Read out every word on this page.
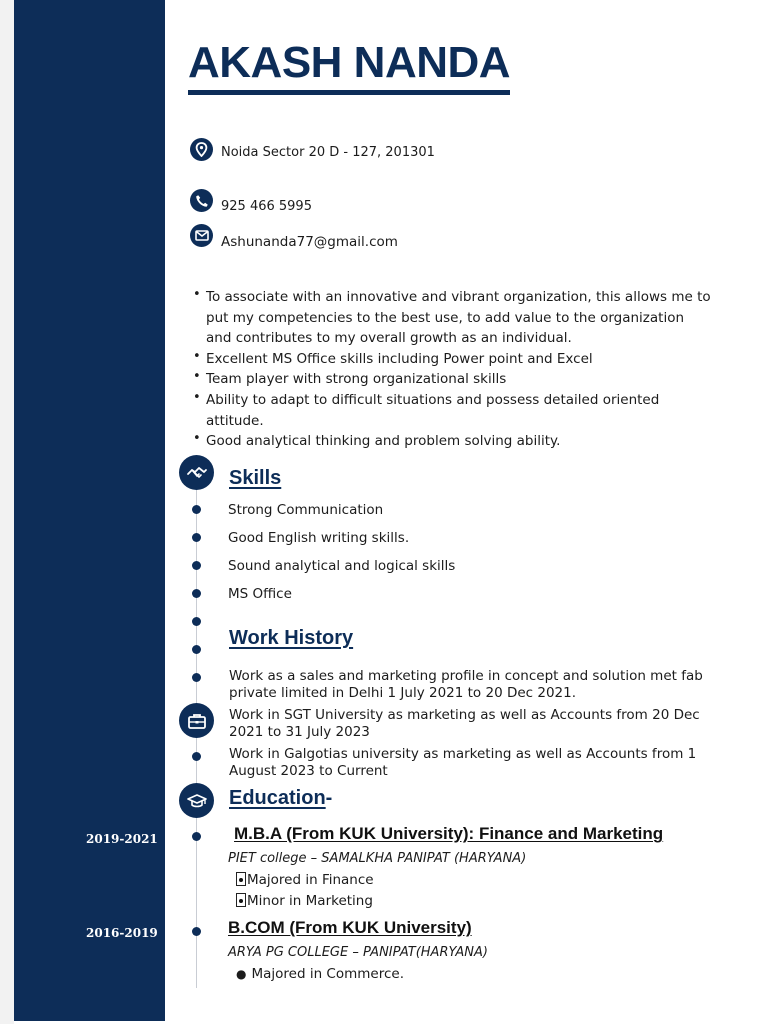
AKASH NANDA
Noida Sector 20 D - 127, 201301
925 466 5995
Ashunanda77@gmail.com
• To associate with an innovative and vibrant organization, this allows me to put my competencies to the best use, to add value to the organization and contributes to my overall growth as an individual.
• Excellent MS Office skills including Power point and Excel
• Team player with strong organizational skills
• Ability to adapt to difficult situations and possess detailed oriented attitude.
• Good analytical thinking and problem solving ability.
Skills
Strong Communication
Good English writing skills.
Sound analytical and logical skills
MS Office
Work History
Work as a sales and marketing profile in concept and solution met fab private limited in Delhi 1 July 2021 to 20 Dec 2021.
Work in SGT University as marketing as well as Accounts from 20 Dec 2021 to 31 July 2023
Work in Galgotias university as marketing as well as Accounts from 1 August 2023 to Current
Education-
2019-2021	M.B.A (From KUK University): Finance and Marketing
PIET college – SAMALKHA PANIPAT (HARYANA)
Majored in Finance
Minor in Marketing
2016-2019	B.COM (From KUK University)
ARYA PG COLLEGE – PANIPAT(HARYANA)
● Majored in Commerce.
